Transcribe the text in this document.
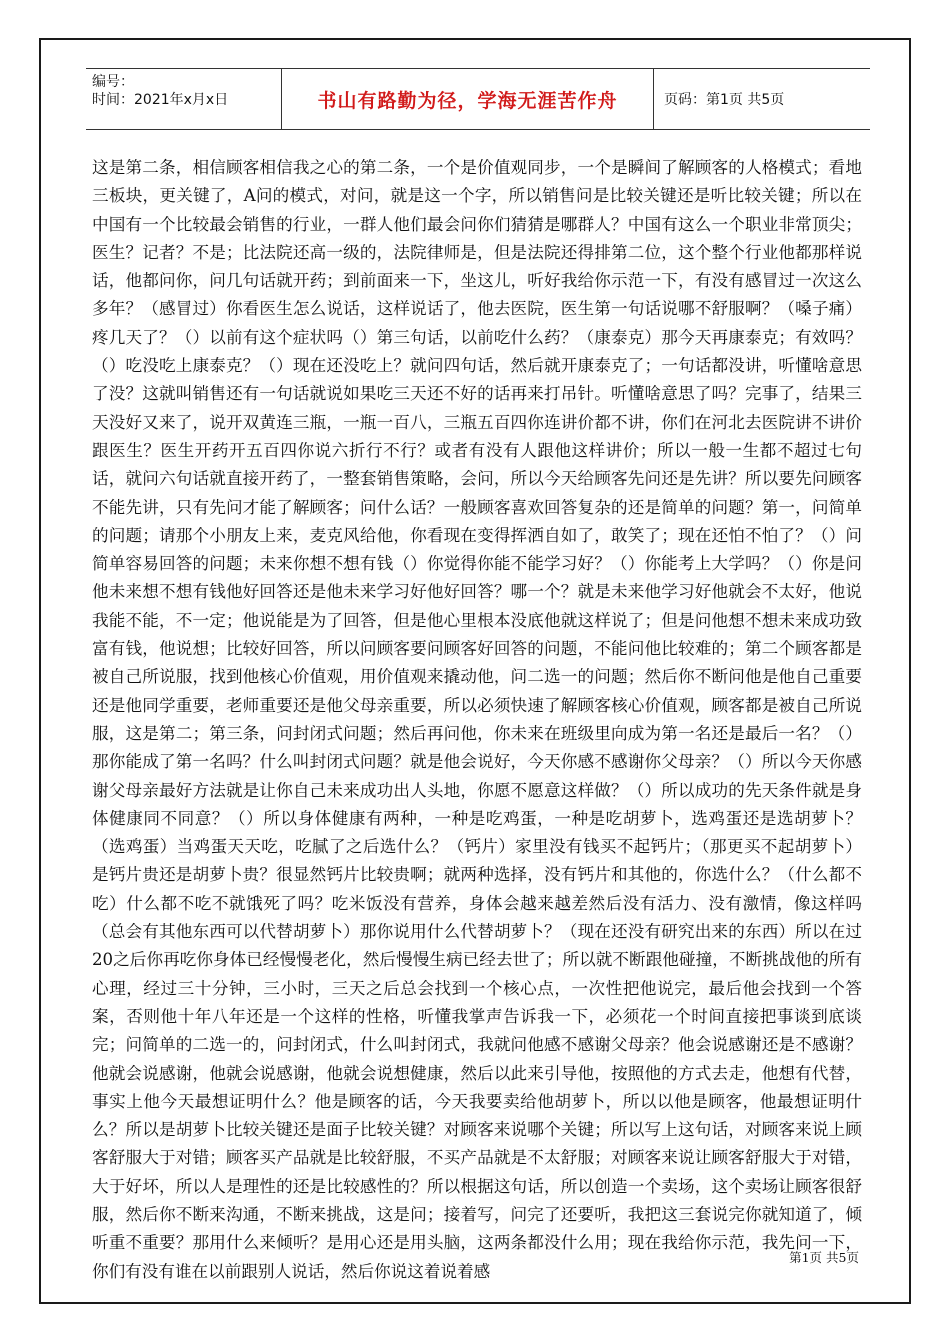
编号：
时间：2021年x月x日	书山有路勤为径，学海无涯苦作舟	页码：第1页 共5页

这是第二条，相信顾客相信我之心的第二条，一个是价值观同步，一个是瞬间了解顾客的人格模式；看地三板块，更关键了，A问的模式，对问，就是这一个字，所以销售问是比较关键还是听比较关键；所以在中国有一个比较最会销售的行业，一群人他们最会问你们猜猜是哪群人？中国有这么一个职业非常顶尖；医生？记者？不是；比法院还高一级的，法院律师是，但是法院还得排第二位，这个整个行业他都那样说话，他都问你，问几句话就开药；到前面来一下，坐这儿，听好我给你示范一下，有没有感冒过一次这么多年？（感冒过）你看医生怎么说话，这样说话了，他去医院，医生第一句话说哪不舒服啊？（嗓子痛）疼几天了？（）以前有这个症状吗（）第三句话，以前吃什么药？（康泰克）那今天再康泰克；有效吗？（）吃没吃上康泰克？（）现在还没吃上？就问四句话，然后就开康泰克了；一句话都没讲，听懂啥意思了没？这就叫销售还有一句话就说如果吃三天还不好的话再来打吊针。听懂啥意思了吗？完事了，结果三天没好又来了，说开双黄连三瓶，一瓶一百八，三瓶五百四你连讲价都不讲，你们在河北去医院讲不讲价跟医生？医生开药开五百四你说六折行不行？或者有没有人跟他这样讲价；所以一般一生都不超过七句话，就问六句话就直接开药了，一整套销售策略，会问，所以今天给顾客先问还是先讲？所以要先问顾客不能先讲，只有先问才能了解顾客；问什么话？一般顾客喜欢回答复杂的还是简单的问题？第一，问简单的问题；请那个小朋友上来，麦克风给他，你看现在变得挥洒自如了，敢笑了；现在还怕不怕了？（）问简单容易回答的问题；未来你想不想有钱（）你觉得你能不能学习好？（）你能考上大学吗？（）你是问他未来想不想有钱他好回答还是他未来学习好他好回答？哪一个？就是未来他学习好他就会不太好，他说我能不能，不一定；他说能是为了回答，但是他心里根本没底他就这样说了；但是问他想不想未来成功致富有钱，他说想；比较好回答，所以问顾客要问顾客好回答的问题，不能问他比较难的；第二个顾客都是被自己所说服，找到他核心价值观，用价值观来撬动他，问二选一的问题；然后你不断问他是他自己重要还是他同学重要，老师重要还是他父母亲重要，所以必须快速了解顾客核心价值观，顾客都是被自己所说服，这是第二；第三条，问封闭式问题；然后再问他，你未来在班级里向成为第一名还是最后一名？（）那你能成了第一名吗？什么叫封闭式问题？就是他会说好，今天你感不感谢你父母亲？（）所以今天你感谢父母亲最好方法就是让你自己未来成功出人头地，你愿不愿意这样做？（）所以成功的先天条件就是身体健康同不同意？（）所以身体健康有两种，一种是吃鸡蛋，一种是吃胡萝卜，选鸡蛋还是选胡萝卜？（选鸡蛋）当鸡蛋天天吃，吃腻了之后选什么？（钙片）家里没有钱买不起钙片；（那更买不起胡萝卜）是钙片贵还是胡萝卜贵？很显然钙片比较贵啊；就两种选择，没有钙片和其他的，你选什么？（什么都不吃）什么都不吃不就饿死了吗？吃米饭没有营养，身体会越来越差然后没有活力、没有激情，像这样吗（总会有其他东西可以代替胡萝卜）那你说用什么代替胡萝卜？（现在还没有研究出来的东西）所以在过20之后你再吃你身体已经慢慢老化，然后慢慢生病已经去世了；所以就不断跟他碰撞，不断挑战他的所有心理，经过三十分钟，三小时，三天之后总会找到一个核心点，一次性把他说完，最后他会找到一个答案，否则他十年八年还是一个这样的性格，听懂我掌声告诉我一下，必须花一个时间直接把事谈到底谈完；问简单的二选一的，问封闭式，什么叫封闭式，我就问他感不感谢父母亲？他会说感谢还是不感谢？他就会说感谢，他就会说感谢，他就会说想健康，然后以此来引导他，按照他的方式去走，他想有代替，事实上他今天最想证明什么？他是顾客的话，今天我要卖给他胡萝卜，所以以他是顾客，他最想证明什么？所以是胡萝卜比较关键还是面子比较关键？对顾客来说哪个关键；所以写上这句话，对顾客来说上顾客舒服大于对错；顾客买产品就是比较舒服，不买产品就是不太舒服；对顾客来说让顾客舒服大于对错，大于好坏，所以人是理性的还是比较感性的？所以根据这句话，所以创造一个卖场，这个卖场让顾客很舒服，然后你不断来沟通，不断来挑战，这是问；接着写，问完了还要听，我把这三套说完你就知道了，倾听重不重要？那用什么来倾听？是用心还是用头脑，这两条都没什么用；现在我给你示范，我先问一下，你们有没有谁在以前跟别人说话，然后你说这着说着感

第1页 共5页
